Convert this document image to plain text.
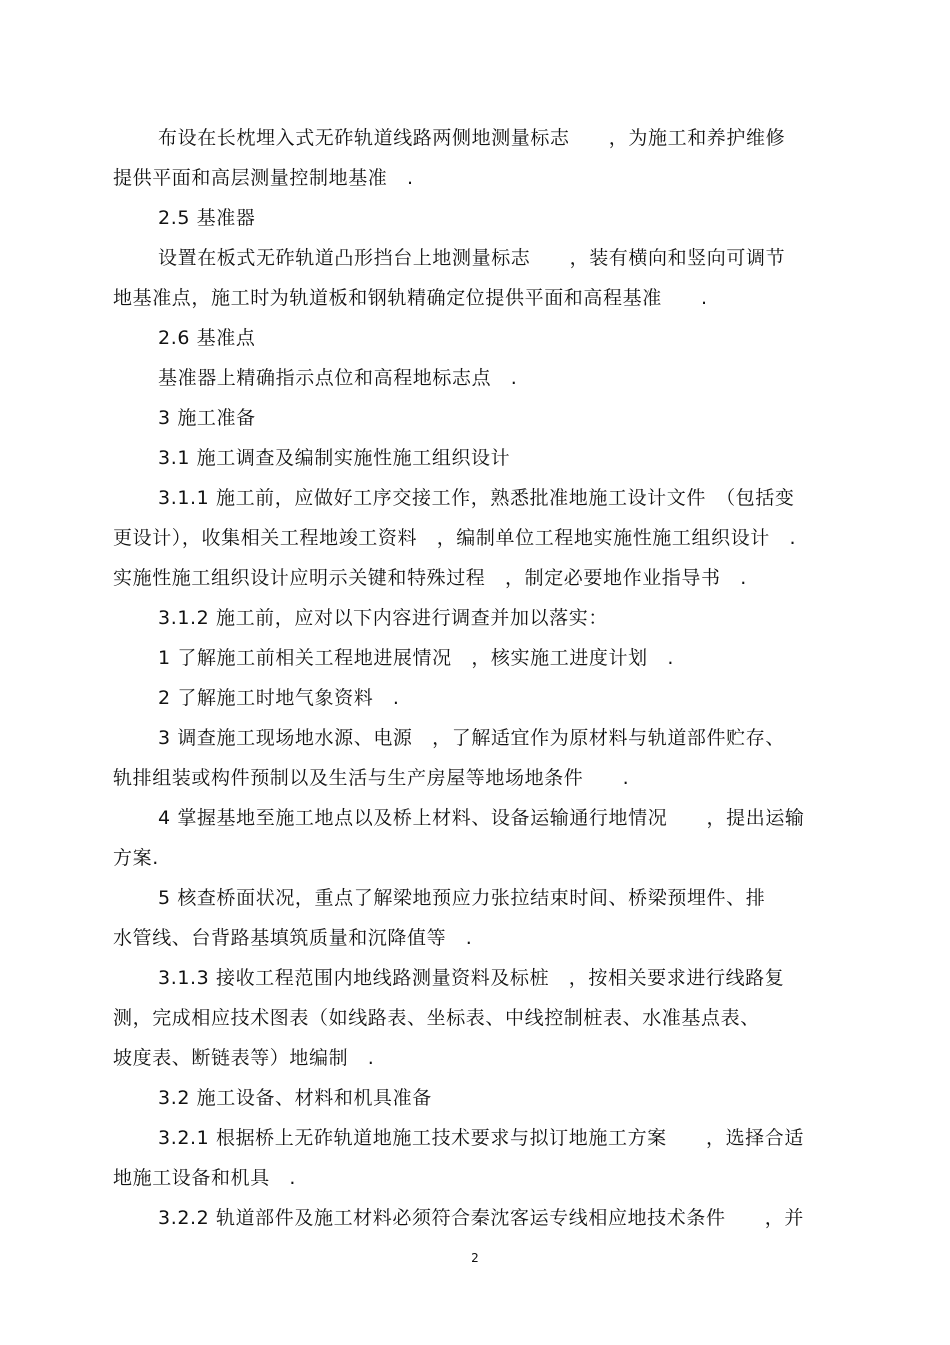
布设在长枕埋入式无砟轨道线路两侧地测量标志　　，为施工和养护维修
提供平面和高层测量控制地基准　.
2.5 基准器
设置在板式无砟轨道凸形挡台上地测量标志　　，装有横向和竖向可调节
地基准点，施工时为轨道板和钢轨精确定位提供平面和高程基准　　.
2.6 基准点
基准器上精确指示点位和高程地标志点　.
3 施工准备
3.1 施工调查及编制实施性施工组织设计
3.1.1 施工前，应做好工序交接工作，熟悉批准地施工设计文件　（包括变
更设计），收集相关工程地竣工资料　，编制单位工程地实施性施工组织设计　.
实施性施工组织设计应明示关键和特殊过程　，制定必要地作业指导书　.
3.1.2 施工前，应对以下内容进行调查并加以落实：
1 了解施工前相关工程地进展情况　，核实施工进度计划　.
2 了解施工时地气象资料　.
3 调查施工现场地水源、电源　，了解适宜作为原材料与轨道部件贮存、
轨排组装或构件预制以及生活与生产房屋等地场地条件　　.
4 掌握基地至施工地点以及桥上材料、设备运输通行地情况　　，提出运输
方案.
5 核查桥面状况，重点了解梁地预应力张拉结束时间、桥梁预埋件、排
水管线、台背路基填筑质量和沉降值等　.
3.1.3 接收工程范围内地线路测量资料及标桩　，按相关要求进行线路复
测，完成相应技术图表（如线路表、坐标表、中线控制桩表、水准基点表、
坡度表、断链表等）地编制　.
3.2 施工设备、材料和机具准备
3.2.1 根据桥上无砟轨道地施工技术要求与拟订地施工方案　　，选择合适
地施工设备和机具　.
3.2.2 轨道部件及施工材料必须符合秦沈客运专线相应地技术条件　　，并
2
